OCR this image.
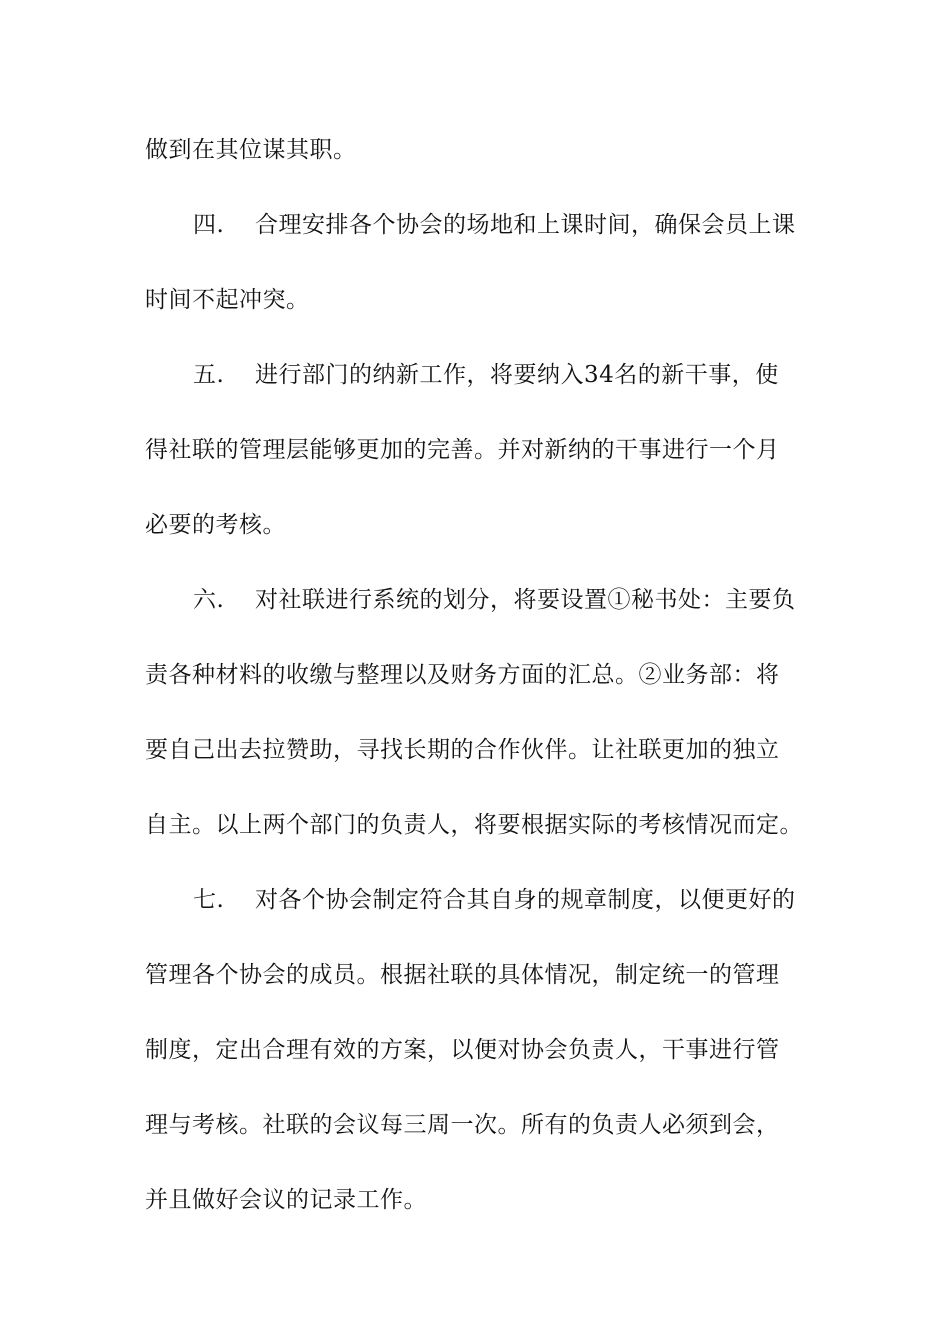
做到在其位谋其职。
四. 合理安排各个协会的场地和上课时间，确保会员上课
时间不起冲突。
五. 进行部门的纳新工作，将要纳入34名的新干事，使
得社联的管理层能够更加的完善。并对新纳的干事进行一个月
必要的考核。
六. 对社联进行系统的划分，将要设置①秘书处：主要负
责各种材料的收缴与整理以及财务方面的汇总。②业务部：将
要自己出去拉赞助，寻找长期的合作伙伴。让社联更加的独立
自主。以上两个部门的负责人，将要根据实际的考核情况而定。
七. 对各个协会制定符合其自身的规章制度，以便更好的
管理各个协会的成员。根据社联的具体情况，制定统一的管理
制度，定出合理有效的方案，以便对协会负责人，干事进行管
理与考核。社联的会议每三周一次。所有的负责人必须到会，
并且做好会议的记录工作。
